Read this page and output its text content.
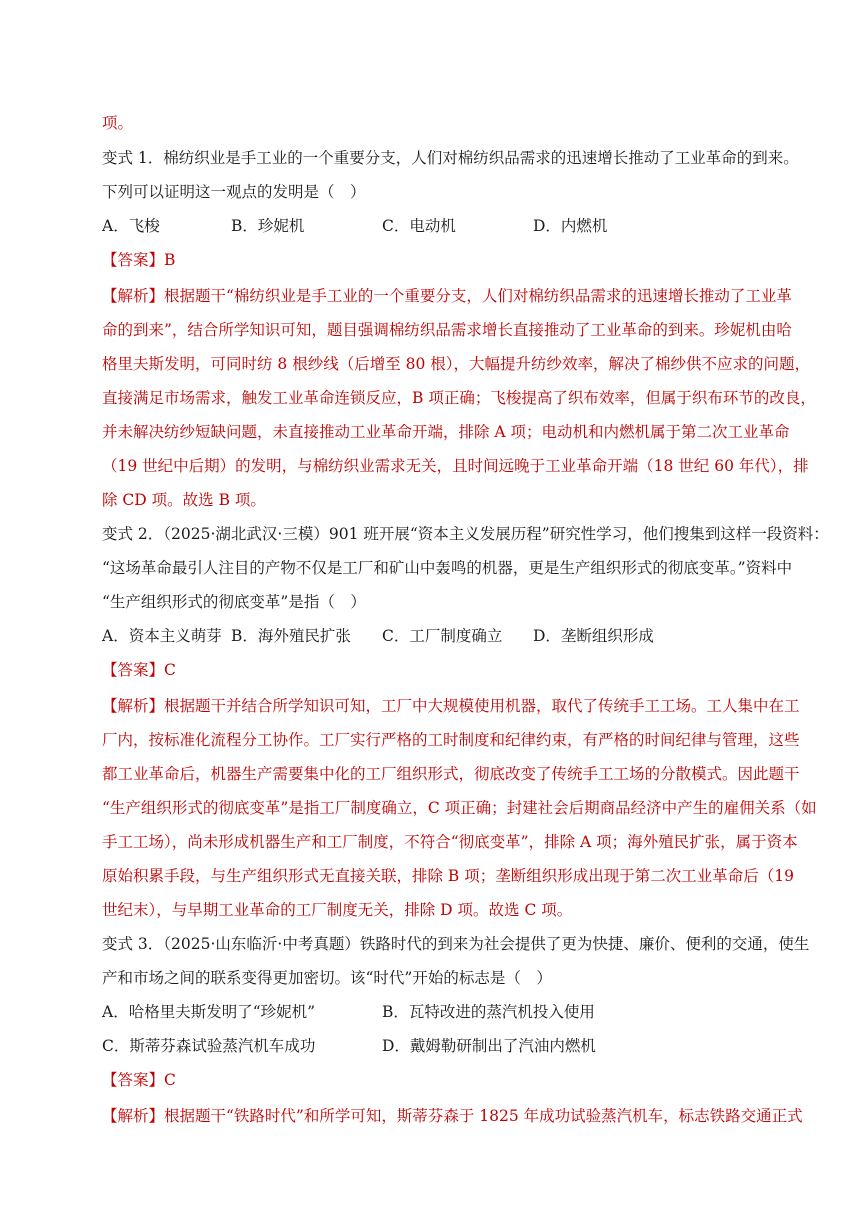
项。
变式 1．棉纺织业是手工业的一个重要分支，人们对棉纺织品需求的迅速增长推动了工业革命的到来。
下列可以证明这一观点的发明是（　）
A．飞梭	B．珍妮机	C．电动机	D．内燃机
【答案】B
【解析】根据题干“棉纺织业是手工业的一个重要分支，人们对棉纺织品需求的迅速增长推动了工业革
命的到来”，结合所学知识可知，题目强调棉纺织品需求增长直接推动了工业革命的到来。珍妮机由哈
格里夫斯发明，可同时纺 8 根纱线（后增至 80 根），大幅提升纺纱效率，解决了棉纱供不应求的问题，
直接满足市场需求，触发工业革命连锁反应，B 项正确；飞梭提高了织布效率，但属于织布环节的改良，
并未解决纺纱短缺问题，未直接推动工业革命开端，排除 A 项；电动机和内燃机属于第二次工业革命
（19 世纪中后期）的发明，与棉纺织业需求无关，且时间远晚于工业革命开端（18 世纪 60 年代），排
除 CD 项。故选 B 项。
变式 2．（2025·湖北武汉·三模）901 班开展“资本主义发展历程”研究性学习，他们搜集到这样一段资料：
“这场革命最引人注目的产物不仅是工厂和矿山中轰鸣的机器，更是生产组织形式的彻底变革。”资料中
“生产组织形式的彻底变革”是指（　）
A．资本主义萌芽 B．海外殖民扩张 C．工厂制度确立 D．垄断组织形成
【答案】C
【解析】根据题干并结合所学知识可知，工厂中大规模使用机器，取代了传统手工工场。工人集中在工
厂内，按标准化流程分工协作。工厂实行严格的工时制度和纪律约束，有严格的时间纪律与管理，这些
都工业革命后，机器生产需要集中化的工厂组织形式，彻底改变了传统手工工场的分散模式。因此题干
“生产组织形式的彻底变革”是指工厂制度确立，C 项正确；封建社会后期商品经济中产生的雇佣关系（如
手工工场），尚未形成机器生产和工厂制度，不符合“彻底变革”，排除 A 项；海外殖民扩张，属于资本
原始积累手段，与生产组织形式无直接关联，排除 B 项；垄断组织形成出现于第二次工业革命后（19
世纪末），与早期工业革命的工厂制度无关，排除 D 项。故选 C 项。
变式 3．（2025·山东临沂·中考真题）铁路时代的到来为社会提供了更为快捷、廉价、便利的交通，使生
产和市场之间的联系变得更加密切。该“时代”开始的标志是（　）
A．哈格里夫斯发明了“珍妮机”	B．瓦特改进的蒸汽机投入使用
C．斯蒂芬森试验蒸汽机车成功	D．戴姆勒研制出了汽油内燃机
【答案】C
【解析】根据题干“铁路时代”和所学可知，斯蒂芬森于 1825 年成功试验蒸汽机车，标志铁路交通正式
